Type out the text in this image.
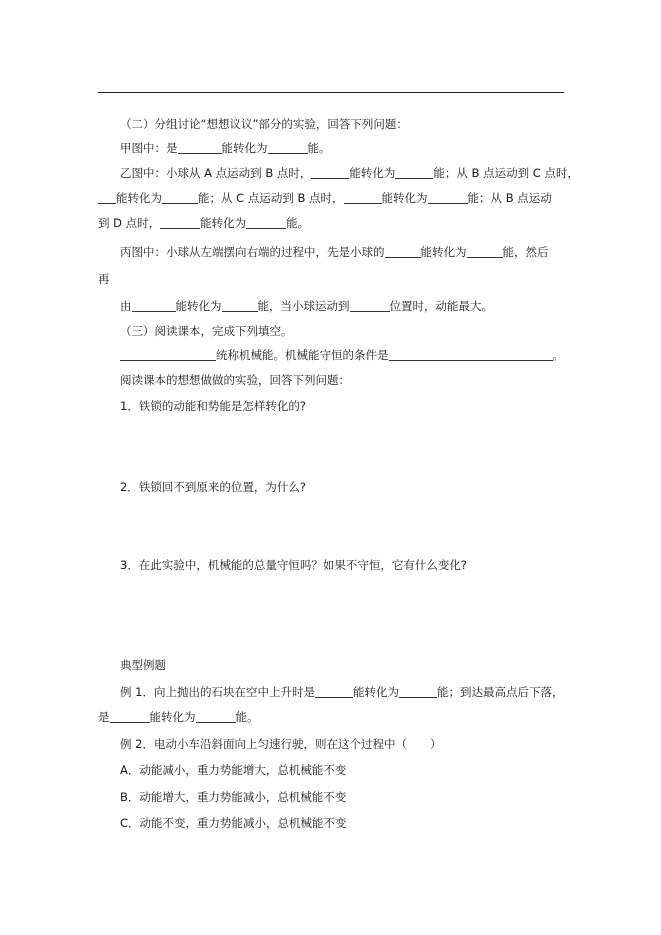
（二）分组讨论“想想议议”部分的实验，回答下列问题：
甲图中：是	能转化为	能。
乙图中：小球从 A 点运动到 B 点时，	能转化为	能；从 B 点运动到 C 点时，
能转化为	能；从 C 点运动到 B 点时，	能转化为	能；从 B 点运动
到 D 点时，	能转化为	能。
丙图中：小球从左端摆向右端的过程中，先是小球的	能转化为	能，然后
再
由	能转化为	能，当小球运动到	位置时，动能最大。
（三）阅读课本，完成下列填空。
统称机械能。机械能守恒的条件是	。
阅读课本的想想做做的实验，回答下列问题：
1．铁锁的动能和势能是怎样转化的?
2．铁锁回不到原来的位置，为什么?
3．在此实验中，机械能的总量守恒吗？如果不守恒，它有什么变化?
典型例题
例 1．向上抛出的石块在空中上升时是	能转化为	能；到达最高点后下落，
是	能转化为	能。
例 2．电动小车沿斜面向上匀速行驶，则在这个过程中（　　）
A．动能减小，重力势能增大，总机械能不变
B．动能增大，重力势能减小，总机械能不变
C．动能不变，重力势能减小，总机械能不变
